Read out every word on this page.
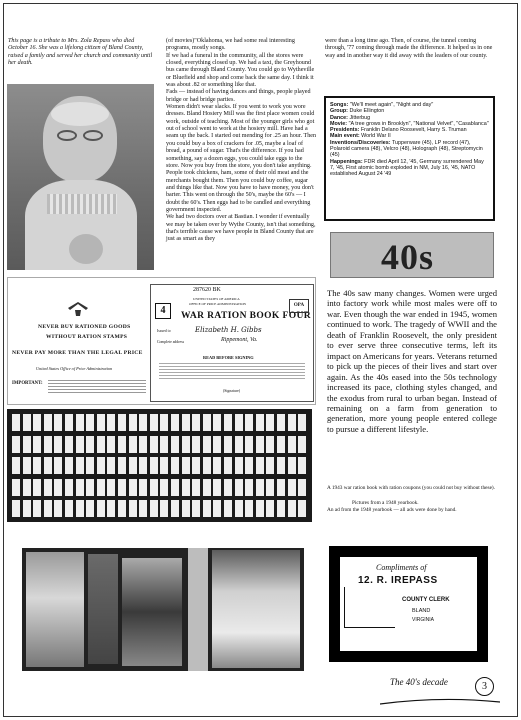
This page is a tribute to Mrs. Zola Repass who died October 16. She was a lifelong citizen of Bland County, raised a family and served her church and community until her death.
(of movies)"Oklahoma, we had some real interesting programs, mostly songs.
If we had a funeral in the community, all the stores were closed, everything closed up. We had a taxi, the Greyhound bus came through Bland County. You could go to Wytheville or Bluefield and shop and come back the same day. I think it was about .82 or something like that.
Fads — instead of having dances and things, people played bridge or had bridge parties.
Women didn't wear slacks. If you went to work you wore dresses. Bland Hosiery Mill was the first place women could work, outside of teaching. Most of the younger girls who got out of school went to work at the hosiery mill. Have had a seam up the back. I started out mending for .25 an hour. Then you could buy a box of crackers for .05, maybe a loaf of bread, a pound of sugar. That's the difference. If you had something, say a dozen eggs, you could take eggs to the store. Now you buy from the store, you don't take anything. People took chickens, ham, some of their old meat and the merchants bought them. Then you could buy coffee, sugar and things like that. Now you have to have money, you don't barter. This went on through the 50's, maybe the 60's — I doubt the 60's. Then eggs had to be candled and everything government inspected.
We had two doctors over at Bastian. I wonder if eventually we may be taken over by Wythe County, isn't that something, that's terrible cause we have people in Bland County that are just as smart as they
were than a long time ago. Then, of course, the tunnel coming through, '77 coming through made the difference. It helped us in one way and in another way it did away with the leaders of our county.
Songs: "We'll meet again", "Night and day"
Group: Duke Ellington
Dance: Jitterbug
Movie: "A tree grows in Brooklyn", "National Velvet", "Casablanca"
Presidents: Franklin Delano Roosevelt, Harry S. Truman
Main event: World War II
Inventions/Discoveries: Tupperware (45), LP record (47), Polaroid camera (48), Velcro (48), Holograph (48), Streptomycin (45)
Happenings: FDR died April 12, '45, Germany surrendered May 7, '45, First atomic bomb exploded in NM, July 16, '45, NATO established August 24 '49
40s
The 40s saw many changes. Women were urged into factory work while most males were off to war. Even though the war ended in 1945, women continued to work. The tragedy of WWII and the death of Franklin Roosevelt, the only president to ever serve three consecutive terms, left its impact on Americans for years. Veterans returned to pick up the pieces of their lives and start over again. As the 40s eased into the 50s technology increased its pace, clothing styles changed, and the exodus from rural to urban began. Instead of remaining on a farm from generation to generation, more young people entered college to pursue a different lifestyle.
A 1943 war ration book with ration coupons (you could not buy without these).
Pictures from a 1948 yearbook.
An ad from the 1948 yearbook — all ads were done by hand.
NEVER BUY RATIONED GOODS
WITHOUT RATION STAMPS
NEVER PAY MORE THAN THE LEGAL PRICE
United States Office of Price Administration
IMPORTANT:
4
287620 BK
UNITED STATES OF AMERICA
OFFICE OF PRICE ADMINISTRATION
WAR RATION BOOK FOUR
OPA
Issued to	Elizabeth H. Gibbs
Complete address	Rippemont, Va.
READ BEFORE SIGNING
(Signature)
Compliments of
12. R. IREPASS
COUNTY CLERK
BLAND
VIRGINIA
The 40's decade	3
